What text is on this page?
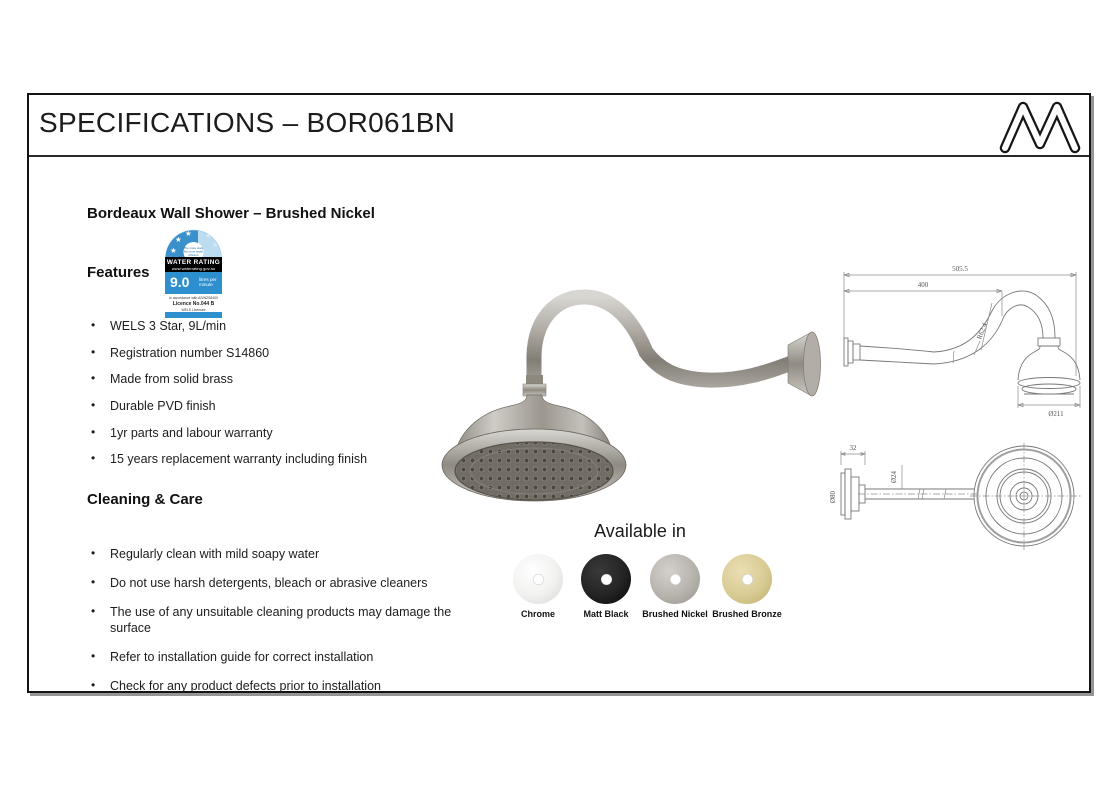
SPECIFICATIONS – BOR061BN
Bordeaux Wall Shower – Brushed Nickel
Features
★
★
★
★
★
The more stars
the more water
efficient
WATER RATING
www.waterrating.gov.au
9.0 litres per
minute
In accordance with AS/NZS6400
Licence No.044 B
WELS Licensee
• WELS 3 Star, 9L/min
• Registration number S14860
• Made from solid brass
• Durable PVD finish
• 1yr parts and labour warranty
• 15 years replacement warranty including finish
Cleaning & Care
• Regularly clean with mild soapy water
• Do not use harsh detergents, bleach or abrasive cleaners
• The use of any unsuitable cleaning products may damage the surface
• Refer to installation guide for correct installation
• Check for any product defects prior to installation
505.5
400
R62.4
Ø211
32
Ø80
Ø24
Available in
Chrome	Matt Black	Brushed Nickel Brushed Bronze
